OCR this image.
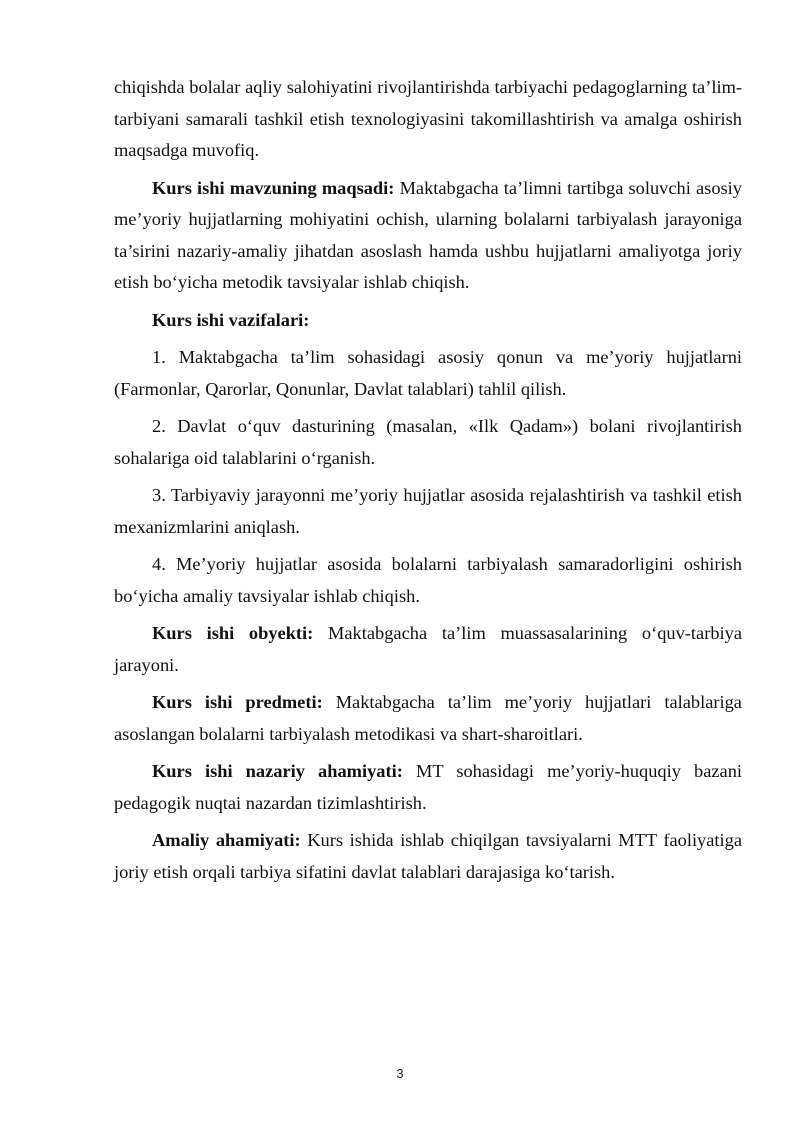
chiqishda bolalar aqliy salohiyatini rivojlantirishda tarbiyachi pedagoglarning ta’lim-tarbiyani samarali tashkil etish texnologiyasini takomillashtirish va amalga oshirish maqsadga muvofiq.

Kurs ishi mavzuning maqsadi: Maktabgacha ta’limni tartibga soluvchi asosiy me’yoriy hujjatlarning mohiyatini ochish, ularning bolalarni tarbiyalash jarayoniga ta’sirini nazariy-amaliy jihatdan asoslash hamda ushbu hujjatlarni amaliyotga joriy etish bo‘yicha metodik tavsiyalar ishlab chiqish.

Kurs ishi vazifalari:

1. Maktabgacha ta’lim sohasidagi asosiy qonun va me’yoriy hujjatlarni (Farmonlar, Qarorlar, Qonunlar, Davlat talablari) tahlil qilish.

2. Davlat o‘quv dasturining (masalan, «Ilk Qadam») bolani rivojlantirish sohalariga oid talablarini o‘rganish.

3. Tarbiyaviy jarayonni me’yoriy hujjatlar asosida rejalashtirish va tashkil etish mexanizmlarini aniqlash.

4. Me’yoriy hujjatlar asosida bolalarni tarbiyalash samaradorligini oshirish bo‘yicha amaliy tavsiyalar ishlab chiqish.

Kurs ishi obyekti: Maktabgacha ta’lim muassasalarining o‘quv-tarbiya jarayoni.

Kurs ishi predmeti: Maktabgacha ta’lim me’yoriy hujjatlari talablariga asoslangan bolalarni tarbiyalash metodikasi va shart-sharoitlari.

Kurs ishi nazariy ahamiyati: MT sohasidagi me’yoriy-huquqiy bazani pedagogik nuqtai nazardan tizimlashtirish.

Amaliy ahamiyati: Kurs ishida ishlab chiqilgan tavsiyalarni MTT faoliyatiga joriy etish orqali tarbiya sifatini davlat talablari darajasiga ko‘tarish.

3
